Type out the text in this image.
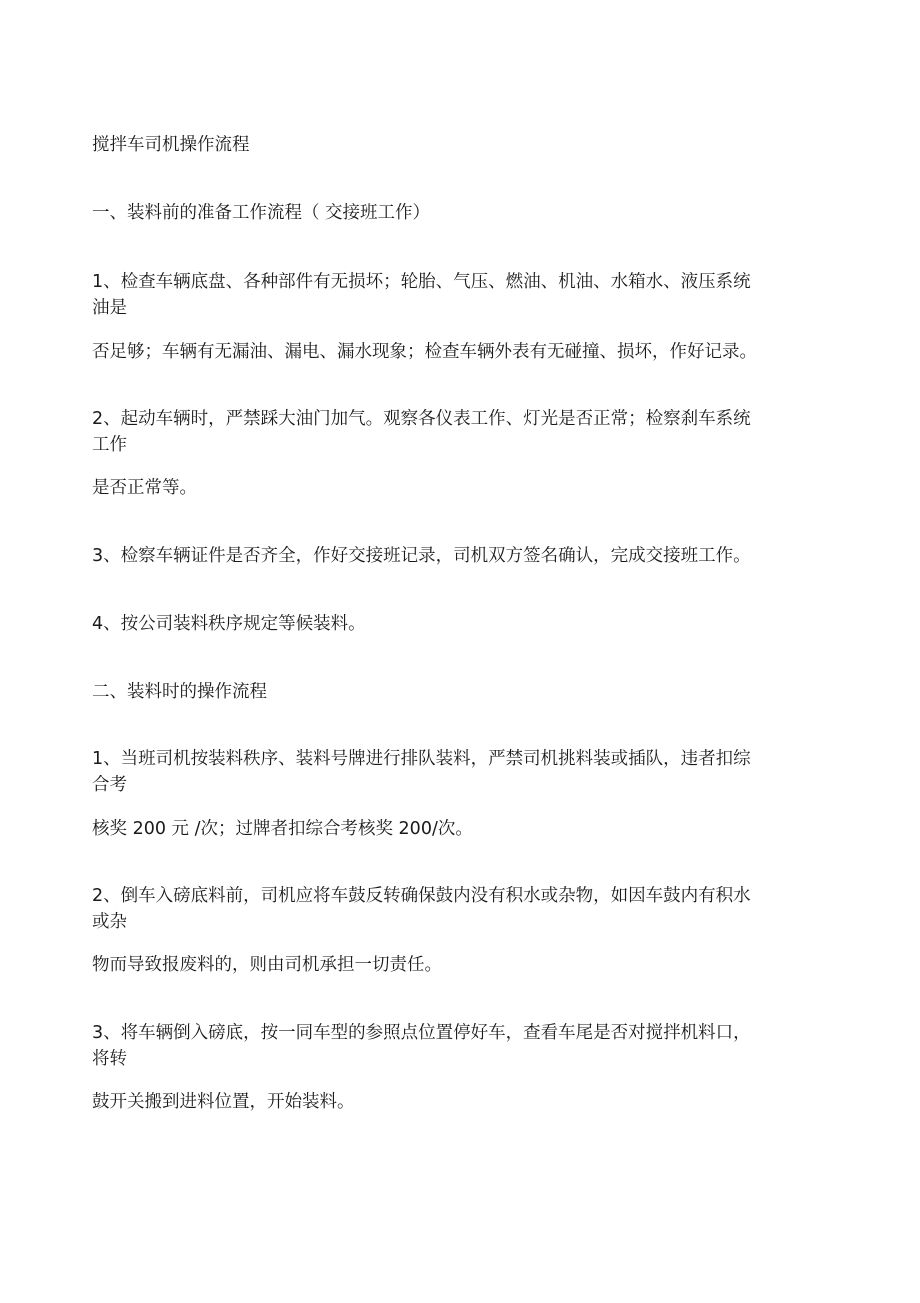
搅拌车司机操作流程
一、装料前的准备工作流程（ 交接班工作）
1、检查车辆底盘、各种部件有无损坏；轮胎、气压、燃油、机油、水箱水、液压系统
油是
否足够；车辆有无漏油、漏电、漏水现象；检查车辆外表有无碰撞、损坏，作好记录。
2、起动车辆时，严禁踩大油门加气。观察各仪表工作、灯光是否正常；检察刹车系统
工作
是否正常等。
3、检察车辆证件是否齐全，作好交接班记录，司机双方签名确认，完成交接班工作。
4、按公司装料秩序规定等候装料。
二、装料时的操作流程
1、当班司机按装料秩序、装料号牌进行排队装料，严禁司机挑料装或插队，违者扣综
合考
核奖 200 元 /次；过牌者扣综合考核奖 200/次。
2、倒车入磅底料前，司机应将车鼓反转确保鼓内没有积水或杂物，如因车鼓内有积水
或杂
物而导致报废料的，则由司机承担一切责任。
3、将车辆倒入磅底，按一同车型的参照点位置停好车，查看车尾是否对搅拌机料口，
将转
鼓开关搬到进料位置，开始装料。
